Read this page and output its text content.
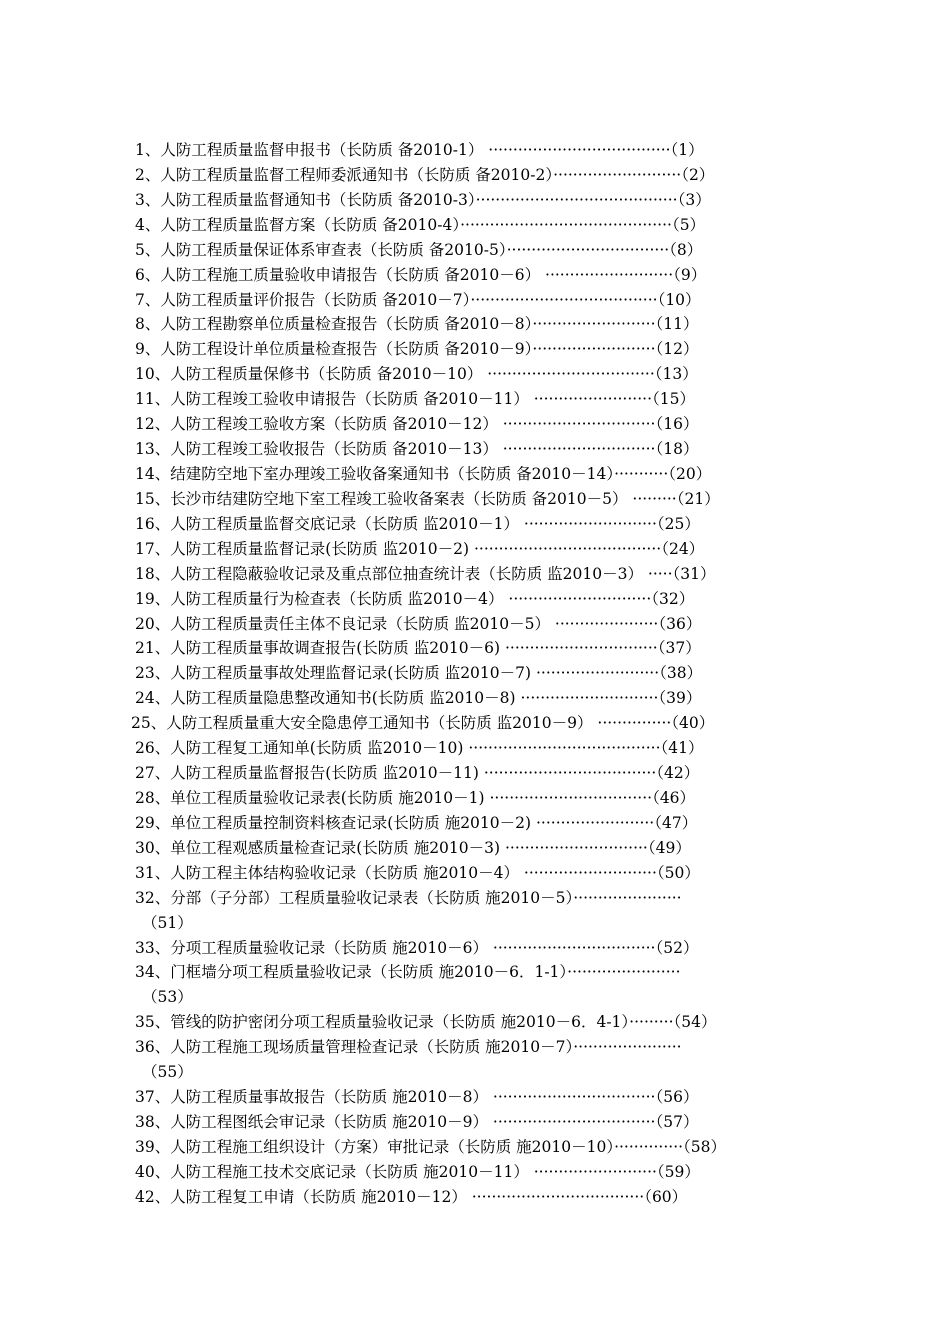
1、人防工程质量监督申报书（长防质 备2010-1） ·····································（1）
2、人防工程质量监督工程师委派通知书（长防质 备2010-2）··························（2）
3、人防工程质量监督通知书（长防质 备2010-3）·········································（3）
4、人防工程质量监督方案（长防质 备2010-4）···········································（5）
5、人防工程质量保证体系审查表（长防质 备2010-5）·································（8）
6、人防工程施工质量验收申请报告（长防质 备2010－6） ··························（9）
7、人防工程质量评价报告（长防质 备2010－7）······································（10）
8、人防工程勘察单位质量检查报告（长防质 备2010－8）·························（11）
9、人防工程设计单位质量检查报告（长防质 备2010－9）·························（12）
10、人防工程质量保修书（长防质 备2010－10） ··································（13）
11、人防工程竣工验收申请报告（长防质 备2010－11） ························（15）
12、人防工程竣工验收方案（长防质 备2010－12） ·······························（16）
13、人防工程竣工验收报告（长防质 备2010－13） ·······························（18）
14、结建防空地下室办理竣工验收备案通知书（长防质 备2010－14）···········（20）
15、长沙市结建防空地下室工程竣工验收备案表（长防质 备2010－5） ·········（21）
16、人防工程质量监督交底记录（长防质 监2010－1） ···························（25）
17、人防工程质量监督记录(长防质 监2010－2) ······································（24）
18、人防工程隐蔽验收记录及重点部位抽查统计表（长防质 监2010－3） ·····（31）
19、人防工程质量行为检查表（长防质 监2010－4） ·····························（32）
20、人防工程质量责任主体不良记录（长防质 监2010－5） ·····················（36）
21、人防工程质量事故调查报告(长防质 监2010－6) ·······························（37）
23、人防工程质量事故处理监督记录(长防质 监2010－7) ·························（38）
24、人防工程质量隐患整改通知书(长防质 监2010－8) ····························（39）
25、人防工程质量重大安全隐患停工通知书（长防质 监2010－9） ···············（40）
26、人防工程复工通知单(长防质 监2010－10) ·······································（41）
27、人防工程质量监督报告(长防质 监2010－11) ···································（42）
28、单位工程质量验收记录表(长防质 施2010－1) ·································（46）
29、单位工程质量控制资料核查记录(长防质 施2010－2) ························（47）
30、单位工程观感质量检查记录(长防质 施2010－3) ·····························（49）
31、人防工程主体结构验收记录（长防质 施2010－4） ···························（50）
32、分部（子分部）工程质量验收记录表（长防质 施2010－5）······················
（51）
33、分项工程质量验收记录（长防质 施2010－6） ·································（52）
34、门框墙分项工程质量验收记录（长防质 施2010－6．1-1）·······················
（53）
35、管线的防护密闭分项工程质量验收记录（长防质 施2010－6．4-1）·········（54）
36、人防工程施工现场质量管理检查记录（长防质 施2010－7）······················
（55）
37、人防工程质量事故报告（长防质 施2010－8） ·································（56）
38、人防工程图纸会审记录（长防质 施2010－9） ·································（57）
39、人防工程施工组织设计（方案）审批记录（长防质 施2010－10）··············（58）
40、人防工程施工技术交底记录（长防质 施2010－11） ·························（59）
42、人防工程复工申请（长防质 施2010－12） ···································（60）
